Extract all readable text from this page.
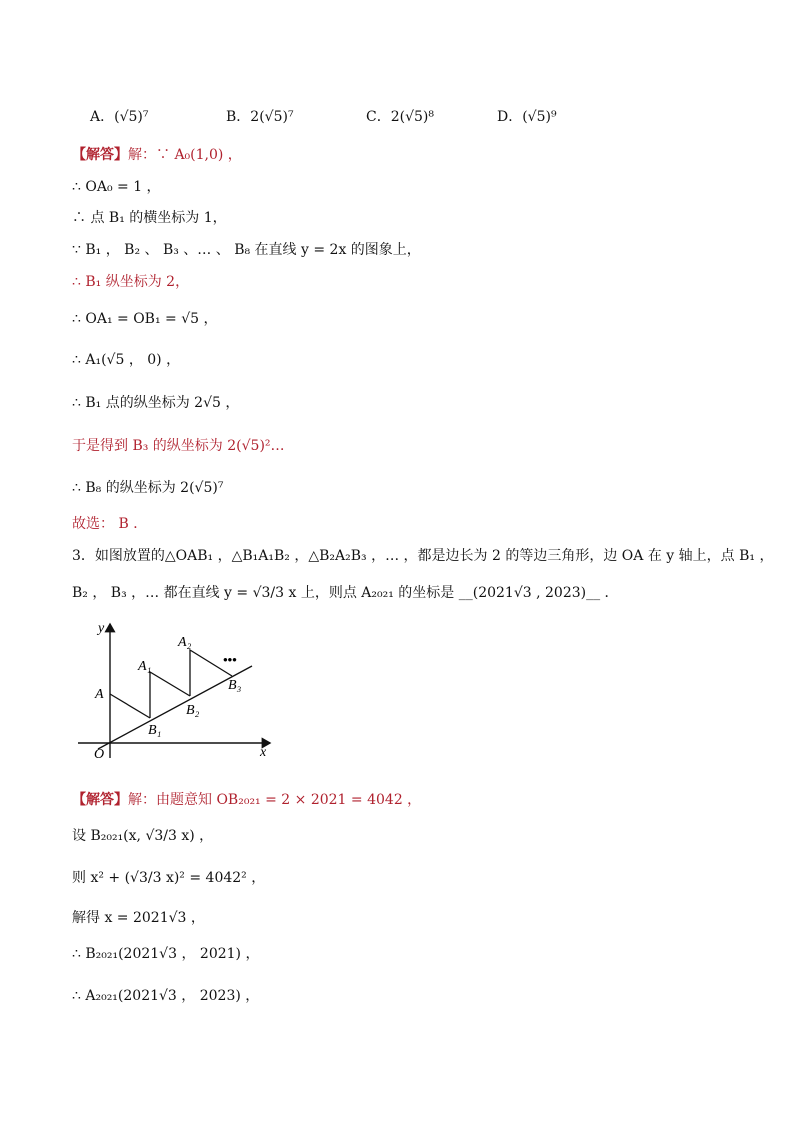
A．(√5)⁷	B．2(√5)⁷	C．2(√5)⁸	D．(√5)⁹
【解答】解：∵ A₀(1,0) ，
∴ OA₀ = 1 ，
∴ 点 B₁ 的横坐标为 1，
∵ B₁ ， B₂ 、 B₃ 、… 、 B₈ 在直线 y = 2x 的图象上，
∴ B₁ 纵坐标为 2，
∴ OA₁ = OB₁ = √5 ，
∴ A₁(√5 ， 0) ，
∴ B₁ 点的纵坐标为 2√5 ，
于是得到 B₃ 的纵坐标为 2(√5)²…
∴ B₈ 的纵坐标为 2(√5)⁷
故选： B ．
3．如图放置的△OAB₁ ，△B₁A₁B₂ ，△B₂A₂B₃ ，… ，都是边长为 2 的等边三角形，边 OA 在 y 轴上，点 B₁ ，
B₂ ， B₃ ，… 都在直线 y = √3/3 x 上，则点 A₂₀₂₁ 的坐标是 __(2021√3 , 2023)__ ．
y
x
O
A
A₁
A₂
B₁
B₂
B₃
•••
【解答】解：由题意知 OB₂₀₂₁ = 2 × 2021 = 4042 ，
设 B₂₀₂₁(x, √3/3 x) ，
则 x² + (√3/3 x)² = 4042² ，
解得 x = 2021√3 ，
∴ B₂₀₂₁(2021√3 ， 2021) ，
∴ A₂₀₂₁(2021√3 ， 2023) ，
